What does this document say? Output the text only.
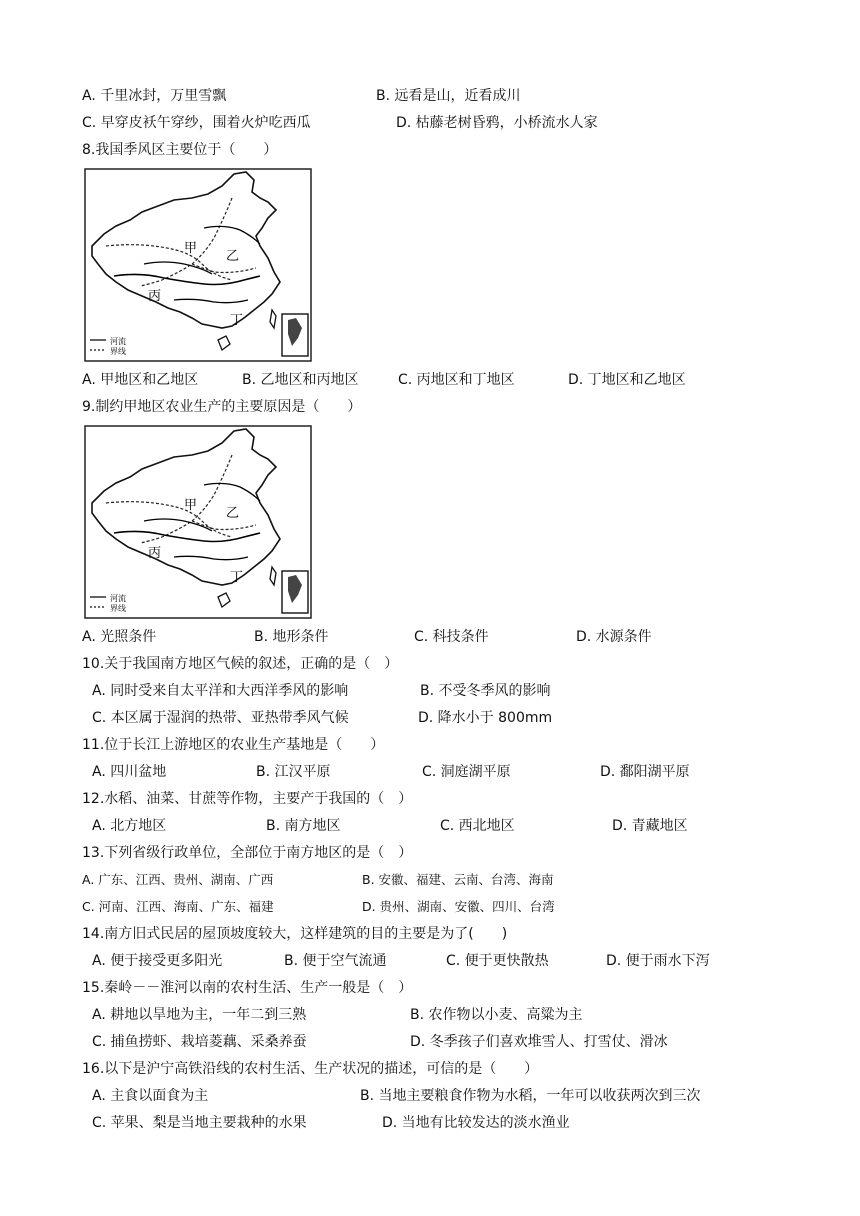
A. 千里冰封，万里雪飘	B. 远看是山，近看成川
C. 早穿皮袄午穿纱，围着火炉吃西瓜	D. 枯藤老树昏鸦，小桥流水人家
8.我国季风区主要位于（　　）
甲
乙
丙
丁
河流
界线
A. 甲地区和乙地区	B. 乙地区和丙地区	C. 丙地区和丁地区	D. 丁地区和乙地区
9.制约甲地区农业生产的主要原因是（　　）
甲
乙
丙
丁
河流
界线
A. 光照条件	B. 地形条件	C. 科技条件	D. 水源条件
10.关于我国南方地区气候的叙述，正确的是（　）
A. 同时受来自太平洋和大西洋季风的影响	B. 不受冬季风的影响
C. 本区属于湿润的热带、亚热带季风气候	D. 降水小于 800mm
11.位于长江上游地区的农业生产基地是（　　）
A. 四川盆地	B. 江汉平原	C. 洞庭湖平原	D. 鄱阳湖平原
12.水稻、油菜、甘蔗等作物，主要产于我国的（　）
A. 北方地区	B. 南方地区	C. 西北地区	D. 青藏地区
13.下列省级行政单位，全部位于南方地区的是（　）
A. 广东、江西、贵州、湖南、广西	B. 安徽、福建、云南、台湾、海南
C. 河南、江西、海南、广东、福建	D. 贵州、湖南、安徽、四川、台湾
14.南方旧式民居的屋顶坡度较大，这样建筑的目的主要是为了(　　)
A. 便于接受更多阳光	B. 便于空气流通	C. 便于更快散热	D. 便于雨水下泻
15.秦岭－－淮河以南的农村生活、生产一般是（　）
A. 耕地以旱地为主，一年二到三熟	B. 农作物以小麦、高粱为主
C. 捕鱼捞虾、栽培菱藕、采桑养蚕	D. 冬季孩子们喜欢堆雪人、打雪仗、滑冰
16.以下是沪宁高铁沿线的农村生活、生产状况的描述，可信的是（　　）
A. 主食以面食为主	B. 当地主要粮食作物为水稻，一年可以收获两次到三次
C. 苹果、梨是当地主要栽种的水果	D. 当地有比较发达的淡水渔业
